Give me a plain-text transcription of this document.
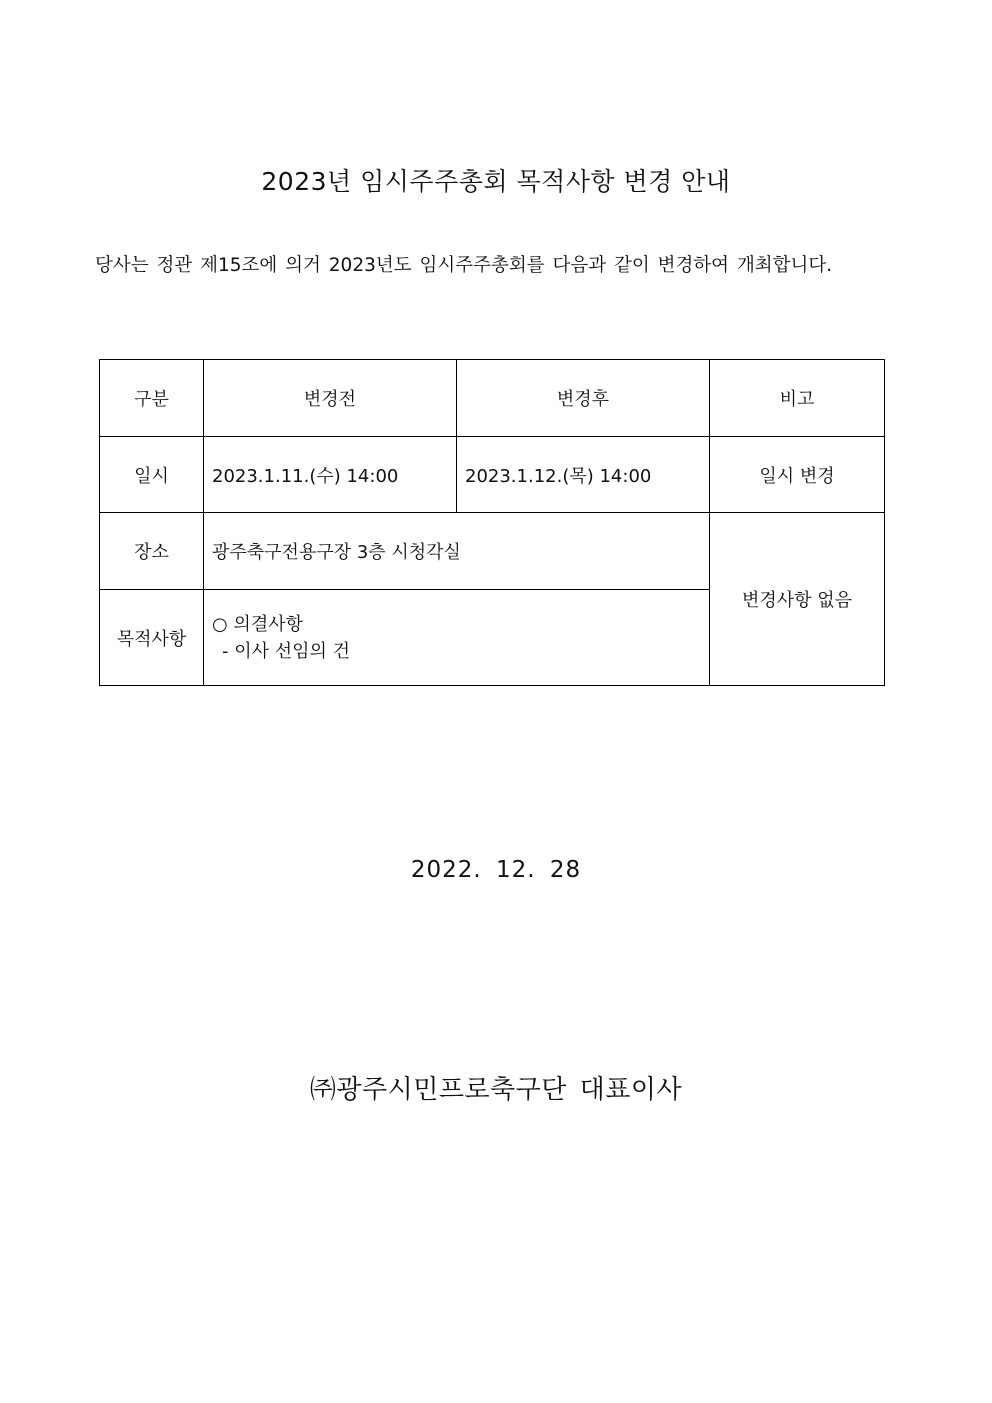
2023년 임시주주총회 목적사항 변경 안내
당사는 정관 제15조에 의거 2023년도 임시주주총회를 다음과 같이 변경하여 개최합니다.
구분	변경전	변경후	비고
일시	2023.1.11.(수) 14:00	2023.1.12.(목) 14:00	일시 변경
장소	광주축구전용구장 3층 시청각실		변경사항 없음
목적사항	○ 의결사항
- 이사 선임의 건		
2022. 12. 28
㈜광주시민프로축구단 대표이사
